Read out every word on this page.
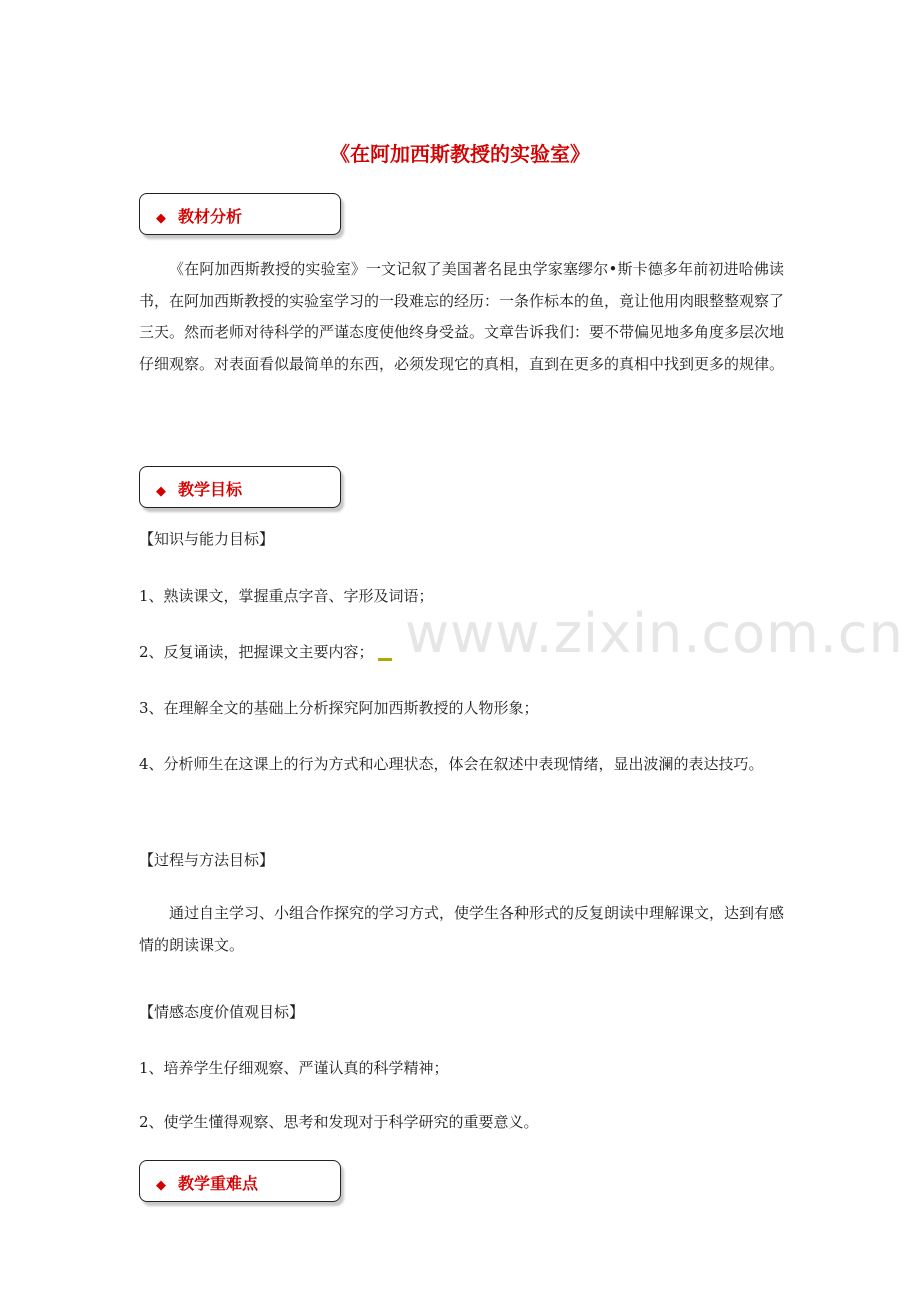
www.zixin.com.cn
《在阿加西斯教授的实验室》
◆ 教材分析
《在阿加西斯教授的实验室》一文记叙了美国著名昆虫学家塞缪尔•斯卡德多年前初进哈佛读书，在阿加西斯教授的实验室学习的一段难忘的经历：一条作标本的鱼，竟让他用肉眼整整观察了三天。然而老师对待科学的严谨态度使他终身受益。文章告诉我们：要不带偏见地多角度多层次地仔细观察。对表面看似最简单的东西，必须发现它的真相，直到在更多的真相中找到更多的规律。
◆ 教学目标
【知识与能力目标】
1、熟读课文，掌握重点字音、字形及词语；
2、反复诵读，把握课文主要内容；
3、在理解全文的基础上分析探究阿加西斯教授的人物形象；
4、分析师生在这课上的行为方式和心理状态，体会在叙述中表现情绪，显出波澜的表达技巧。
【过程与方法目标】
通过自主学习、小组合作探究的学习方式，使学生各种形式的反复朗读中理解课文，达到有感情的朗读课文。
【情感态度价值观目标】
1、培养学生仔细观察、严谨认真的科学精神；
2、使学生懂得观察、思考和发现对于科学研究的重要意义。
◆ 教学重难点
